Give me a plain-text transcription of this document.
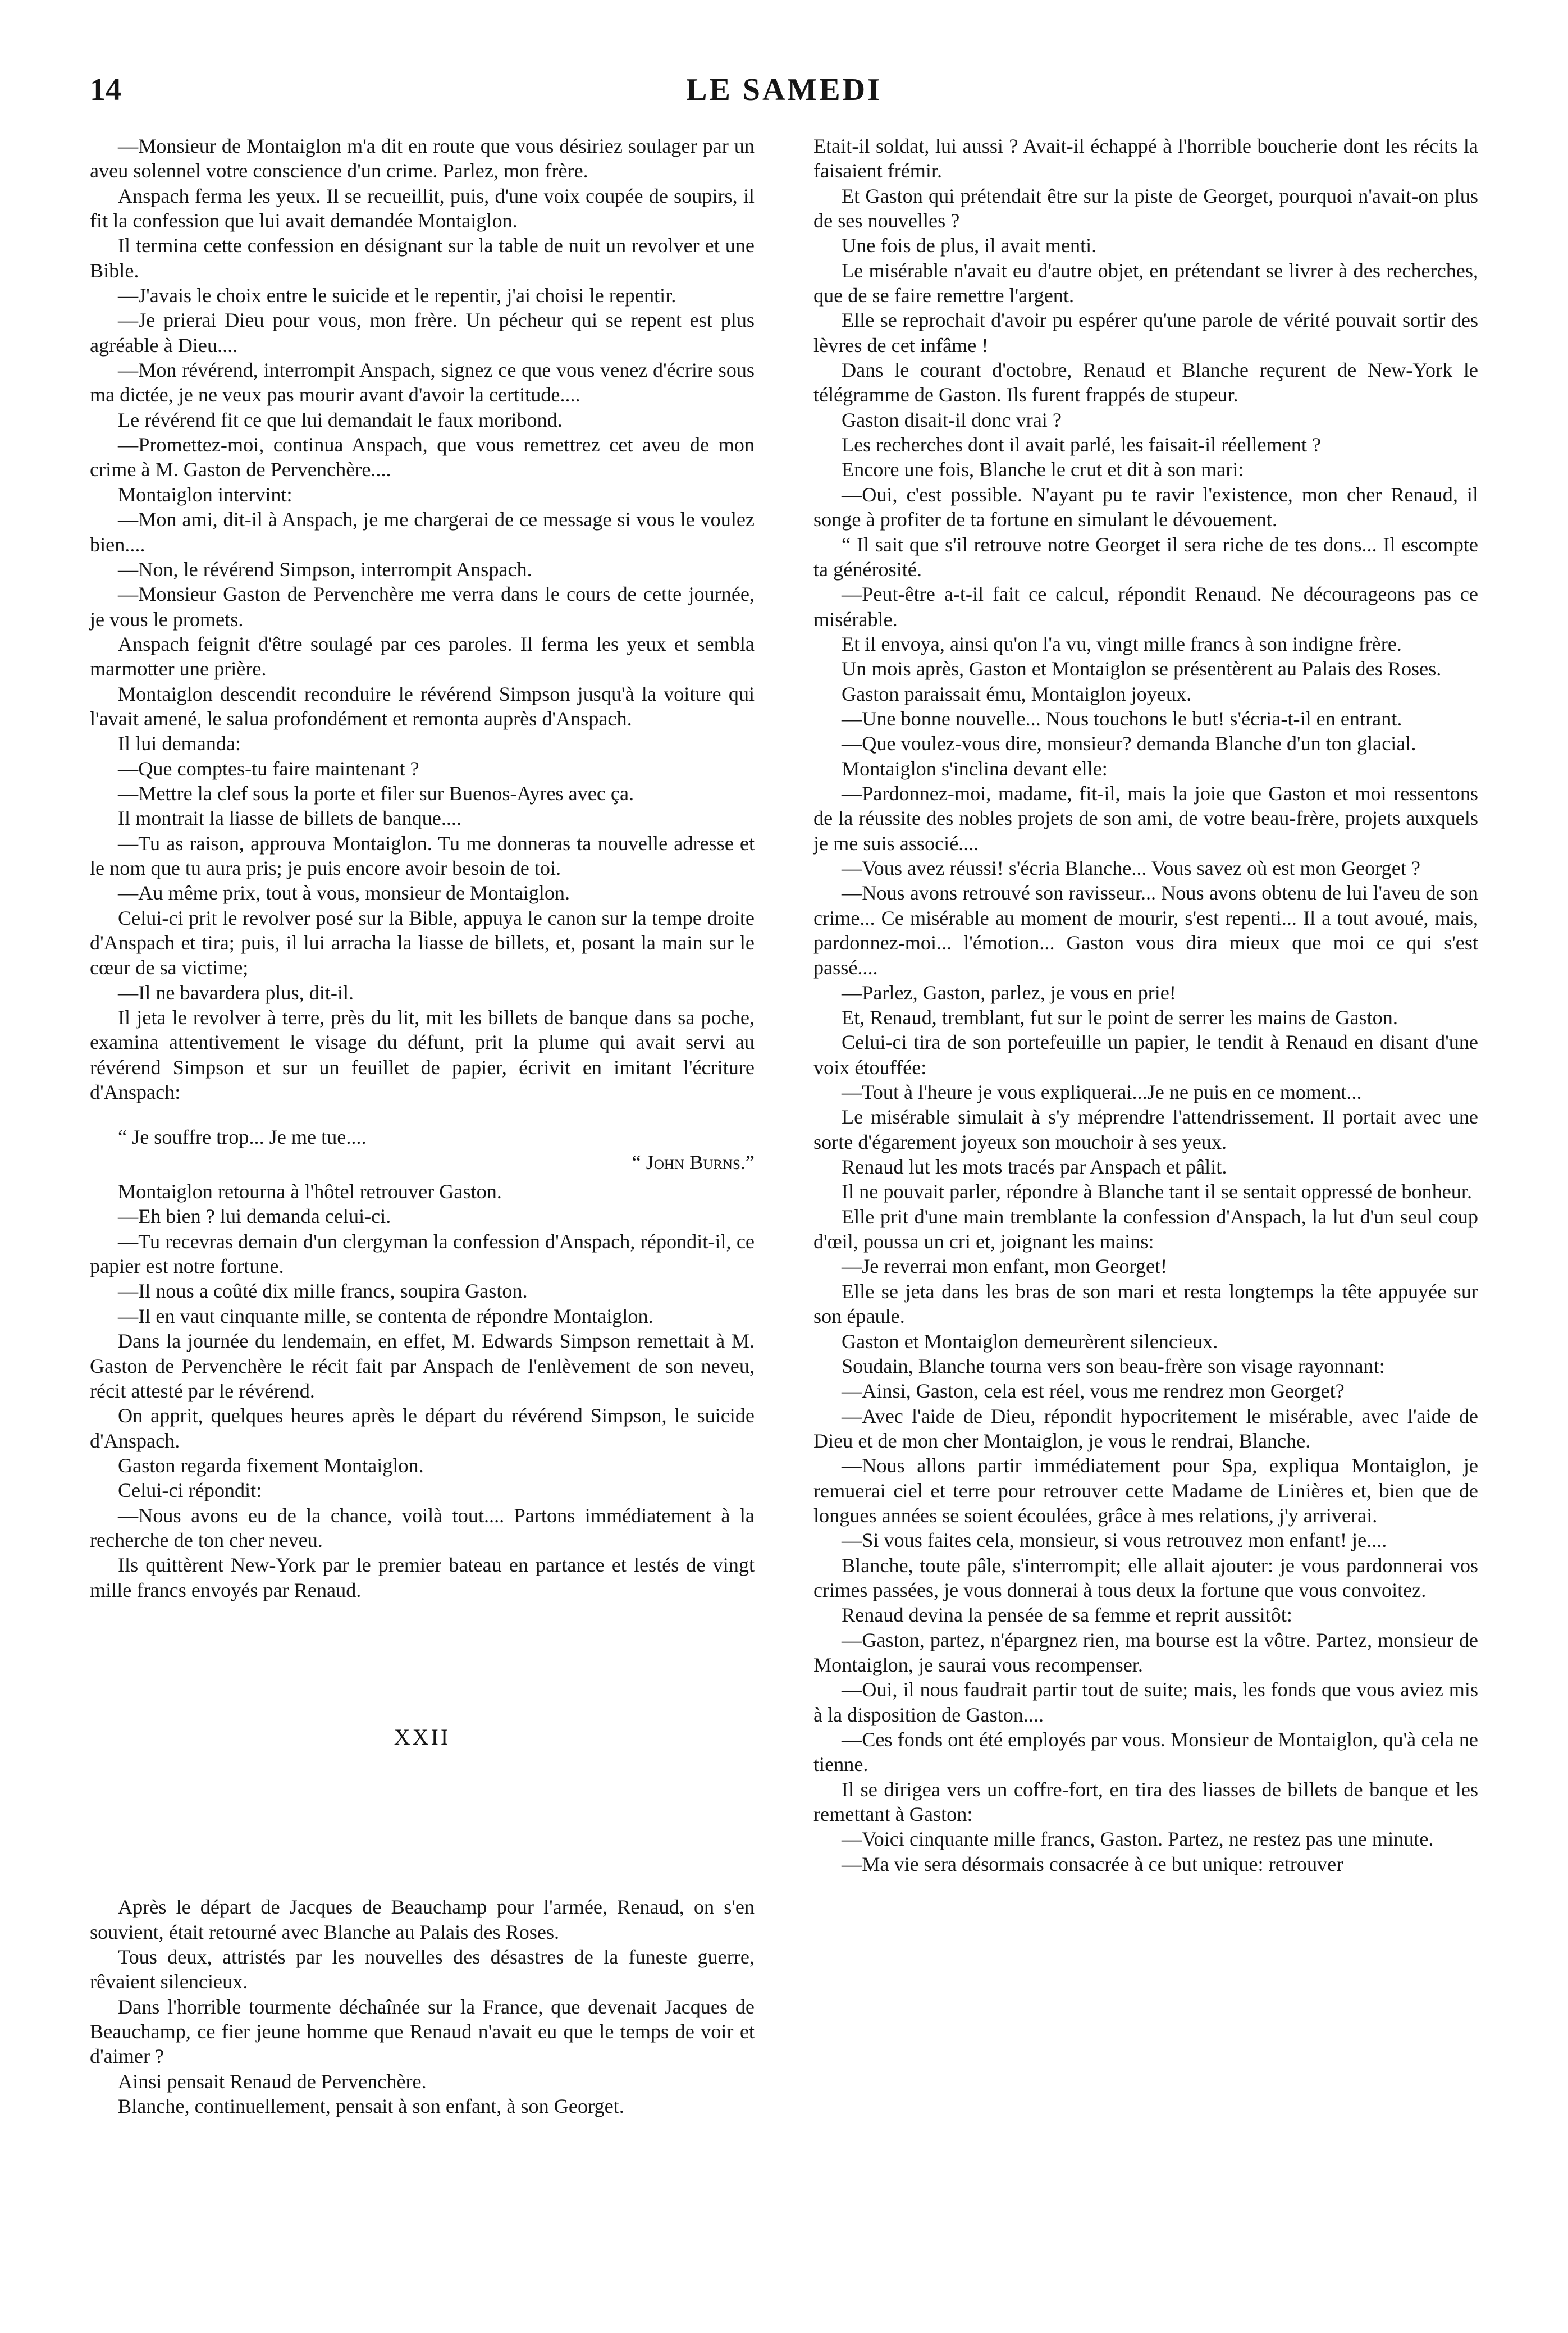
14	LE SAMEDI

—Monsieur de Montaiglon m'a dit en route que vous désiriez soulager par un aveu solennel votre conscience d'un crime. Parlez, mon frère.

Anspach ferma les yeux. Il se recueillit, puis, d'une voix coupée de soupirs, il fit la confession que lui avait demandée Montaiglon.

Il termina cette confession en désignant sur la table de nuit un revolver et une Bible.

—J'avais le choix entre le suicide et le repentir, j'ai choisi le repentir.

—Je prierai Dieu pour vous, mon frère. Un pécheur qui se repent est plus agréable à Dieu....

—Mon révérend, interrompit Anspach, signez ce que vous venez d'écrire sous ma dictée, je ne veux pas mourir avant d'avoir la certitude....

Le révérend fit ce que lui demandait le faux moribond.

—Promettez-moi, continua Anspach, que vous remettrez cet aveu de mon crime à M. Gaston de Pervenchère....

Montaiglon intervint:

—Mon ami, dit-il à Anspach, je me chargerai de ce message si vous le voulez bien....

—Non, le révérend Simpson, interrompit Anspach.

—Monsieur Gaston de Pervenchère me verra dans le cours de cette journée, je vous le promets.

Anspach feignit d'être soulagé par ces paroles. Il ferma les yeux et sembla marmotter une prière.

Montaiglon descendit reconduire le révérend Simpson jusqu'à la voiture qui l'avait amené, le salua profondément et remonta auprès d'Anspach.

Il lui demanda:

—Que comptes-tu faire maintenant ?

—Mettre la clef sous la porte et filer sur Buenos-Ayres avec ça.

Il montrait la liasse de billets de banque....

—Tu as raison, approuva Montaiglon. Tu me donneras ta nouvelle adresse et le nom que tu aura pris; je puis encore avoir besoin de toi.

—Au même prix, tout à vous, monsieur de Montaiglon.

Celui-ci prit le revolver posé sur la Bible, appuya le canon sur la tempe droite d'Anspach et tira; puis, il lui arracha la liasse de billets, et, posant la main sur le cœur de sa victime;

—Il ne bavardera plus, dit-il.

Il jeta le revolver à terre, près du lit, mit les billets de banque dans sa poche, examina attentivement le visage du défunt, prit la plume qui avait servi au révérend Simpson et sur un feuillet de papier, écrivit en imitant l'écriture d'Anspach:

“ Je souffre trop... Je me tue....

“ John Burns.”

Montaiglon retourna à l'hôtel retrouver Gaston.

—Eh bien ? lui demanda celui-ci.

—Tu recevras demain d'un clergyman la confession d'Anspach, répondit-il, ce papier est notre fortune.

—Il nous a coûté dix mille francs, soupira Gaston.

—Il en vaut cinquante mille, se contenta de répondre Montaiglon.

Dans la journée du lendemain, en effet, M. Edwards Simpson remettait à M. Gaston de Pervenchère le récit fait par Anspach de l'enlèvement de son neveu, récit attesté par le révérend.

On apprit, quelques heures après le départ du révérend Simpson, le suicide d'Anspach.

Gaston regarda fixement Montaiglon.

Celui-ci répondit:

—Nous avons eu de la chance, voilà tout.... Partons immédiatement à la recherche de ton cher neveu.

Ils quittèrent New-York par le premier bateau en partance et lestés de vingt mille francs envoyés par Renaud.

XXII

Après le départ de Jacques de Beauchamp pour l'armée, Renaud, on s'en souvient, était retourné avec Blanche au Palais des Roses.

Tous deux, attristés par les nouvelles des désastres de la funeste guerre, rêvaient silencieux.

Dans l'horrible tourmente déchaînée sur la France, que devenait Jacques de Beauchamp, ce fier jeune homme que Renaud n'avait eu que le temps de voir et d'aimer ?

Ainsi pensait Renaud de Pervenchère.

Blanche, continuellement, pensait à son enfant, à son Georget.

Etait-il soldat, lui aussi ? Avait-il échappé à l'horrible boucherie dont les récits la faisaient frémir.

Et Gaston qui prétendait être sur la piste de Georget, pourquoi n'avait-on plus de ses nouvelles ?

Une fois de plus, il avait menti.

Le misérable n'avait eu d'autre objet, en prétendant se livrer à des recherches, que de se faire remettre l'argent.

Elle se reprochait d'avoir pu espérer qu'une parole de vérité pouvait sortir des lèvres de cet infâme !

Dans le courant d'octobre, Renaud et Blanche reçurent de New-York le télégramme de Gaston. Ils furent frappés de stupeur.

Gaston disait-il donc vrai ?

Les recherches dont il avait parlé, les faisait-il réellement ?

Encore une fois, Blanche le crut et dit à son mari:

—Oui, c'est possible. N'ayant pu te ravir l'existence, mon cher Renaud, il songe à profiter de ta fortune en simulant le dévouement.

“ Il sait que s'il retrouve notre Georget il sera riche de tes dons... Il escompte ta générosité.

—Peut-être a-t-il fait ce calcul, répondit Renaud. Ne décourageons pas ce misérable.

Et il envoya, ainsi qu'on l'a vu, vingt mille francs à son indigne frère.

Un mois après, Gaston et Montaiglon se présentèrent au Palais des Roses.

Gaston paraissait ému, Montaiglon joyeux.

—Une bonne nouvelle... Nous touchons le but! s'écria-t-il en entrant.

—Que voulez-vous dire, monsieur? demanda Blanche d'un ton glacial.

Montaiglon s'inclina devant elle:

—Pardonnez-moi, madame, fit-il, mais la joie que Gaston et moi ressentons de la réussite des nobles projets de son ami, de votre beau-frère, projets auxquels je me suis associé....

—Vous avez réussi! s'écria Blanche... Vous savez où est mon Georget ?

—Nous avons retrouvé son ravisseur... Nous avons obtenu de lui l'aveu de son crime... Ce misérable au moment de mourir, s'est repenti... Il a tout avoué, mais, pardonnez-moi... l'émotion... Gaston vous dira mieux que moi ce qui s'est passé....

—Parlez, Gaston, parlez, je vous en prie!

Et, Renaud, tremblant, fut sur le point de serrer les mains de Gaston.

Celui-ci tira de son portefeuille un papier, le tendit à Renaud en disant d'une voix étouffée:

—Tout à l'heure je vous expliquerai...Je ne puis en ce moment...

Le misérable simulait à s'y méprendre l'attendrissement. Il portait avec une sorte d'égarement joyeux son mouchoir à ses yeux.

Renaud lut les mots tracés par Anspach et pâlit.

Il ne pouvait parler, répondre à Blanche tant il se sentait oppressé de bonheur.

Elle prit d'une main tremblante la confession d'Anspach, la lut d'un seul coup d'œil, poussa un cri et, joignant les mains:

—Je reverrai mon enfant, mon Georget!

Elle se jeta dans les bras de son mari et resta longtemps la tête appuyée sur son épaule.

Gaston et Montaiglon demeurèrent silencieux.

Soudain, Blanche tourna vers son beau-frère son visage rayonnant:

—Ainsi, Gaston, cela est réel, vous me rendrez mon Georget?

—Avec l'aide de Dieu, répondit hypocritement le misérable, avec l'aide de Dieu et de mon cher Montaiglon, je vous le rendrai, Blanche.

—Nous allons partir immédiatement pour Spa, expliqua Montaiglon, je remuerai ciel et terre pour retrouver cette Madame de Linières et, bien que de longues années se soient écoulées, grâce à mes relations, j'y arriverai.

—Si vous faites cela, monsieur, si vous retrouvez mon enfant! je....

Blanche, toute pâle, s'interrompit; elle allait ajouter: je vous pardonnerai vos crimes passées, je vous donnerai à tous deux la fortune que vous convoitez.

Renaud devina la pensée de sa femme et reprit aussitôt:

—Gaston, partez, n'épargnez rien, ma bourse est la vôtre. Partez, monsieur de Montaiglon, je saurai vous recompenser.

—Oui, il nous faudrait partir tout de suite; mais, les fonds que vous aviez mis à la disposition de Gaston....

—Ces fonds ont été employés par vous. Monsieur de Montaiglon, qu'à cela ne tienne.

Il se dirigea vers un coffre-fort, en tira des liasses de billets de banque et les remettant à Gaston:

—Voici cinquante mille francs, Gaston. Partez, ne restez pas une minute.

—Ma vie sera désormais consacrée à ce but unique: retrouver
